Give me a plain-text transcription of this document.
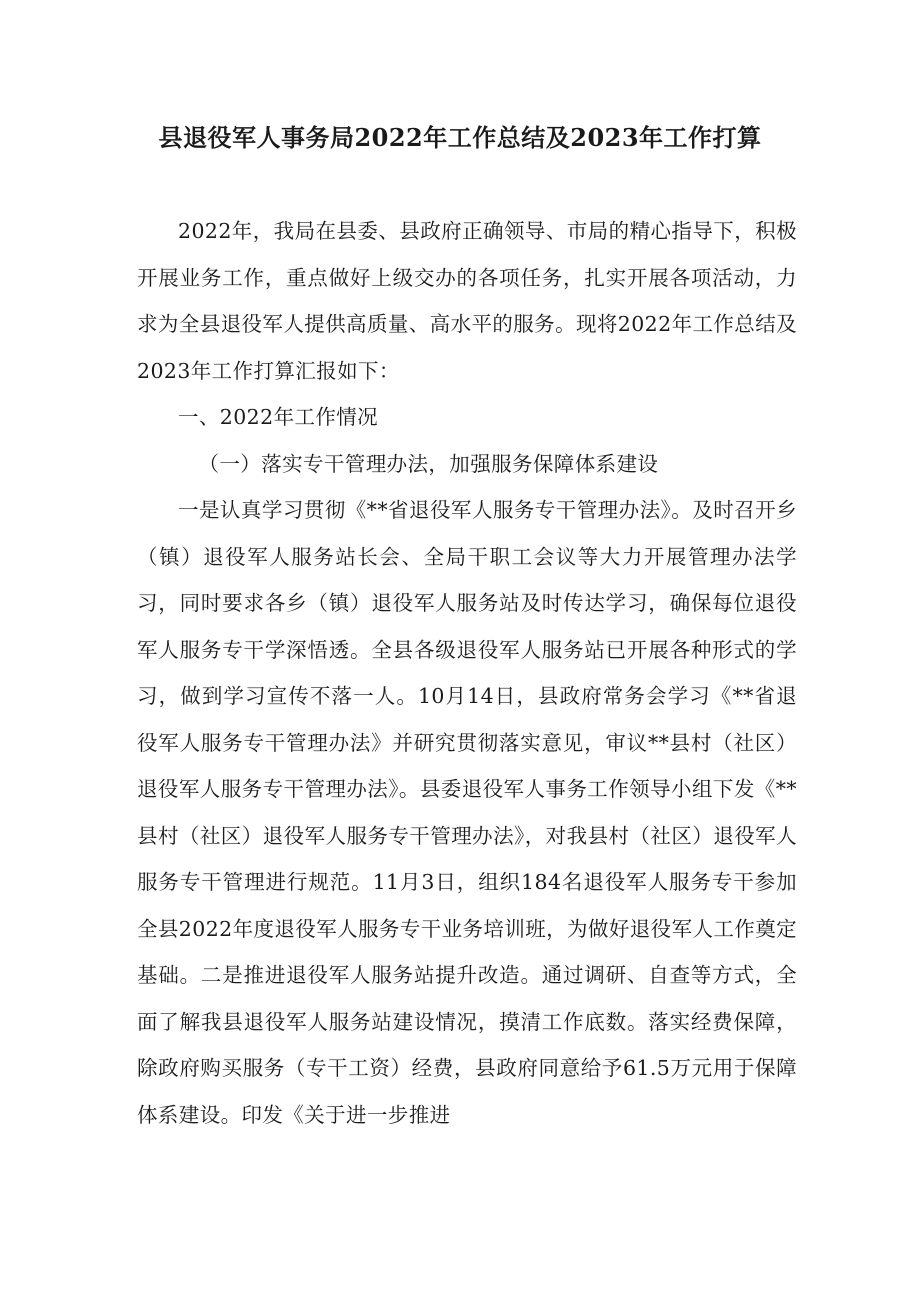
县退役军人事务局2022年工作总结及2023年工作打算

2022年，我局在县委、县政府正确领导、市局的精心指导下，积极开展业务工作，重点做好上级交办的各项任务，扎实开展各项活动，力求为全县退役军人提供高质量、高水平的服务。现将2022年工作总结及2023年工作打算汇报如下：

一、2022年工作情况

（一）落实专干管理办法，加强服务保障体系建设

一是认真学习贯彻《**省退役军人服务专干管理办法》。及时召开乡（镇）退役军人服务站长会、全局干职工会议等大力开展管理办法学习，同时要求各乡（镇）退役军人服务站及时传达学习，确保每位退役军人服务专干学深悟透。全县各级退役军人服务站已开展各种形式的学习，做到学习宣传不落一人。10月14日，县政府常务会学习《**省退役军人服务专干管理办法》并研究贯彻落实意见，审议**县村（社区）退役军人服务专干管理办法》。县委退役军人事务工作领导小组下发《**县村（社区）退役军人服务专干管理办法》，对我县村（社区）退役军人服务专干管理进行规范。11月3日，组织184名退役军人服务专干参加全县2022年度退役军人服务专干业务培训班，为做好退役军人工作奠定基础。二是推进退役军人服务站提升改造。通过调研、自查等方式，全面了解我县退役军人服务站建设情况，摸清工作底数。落实经费保障，除政府购买服务（专干工资）经费，县政府同意给予61.5万元用于保障体系建设。印发《关于进一步推进
